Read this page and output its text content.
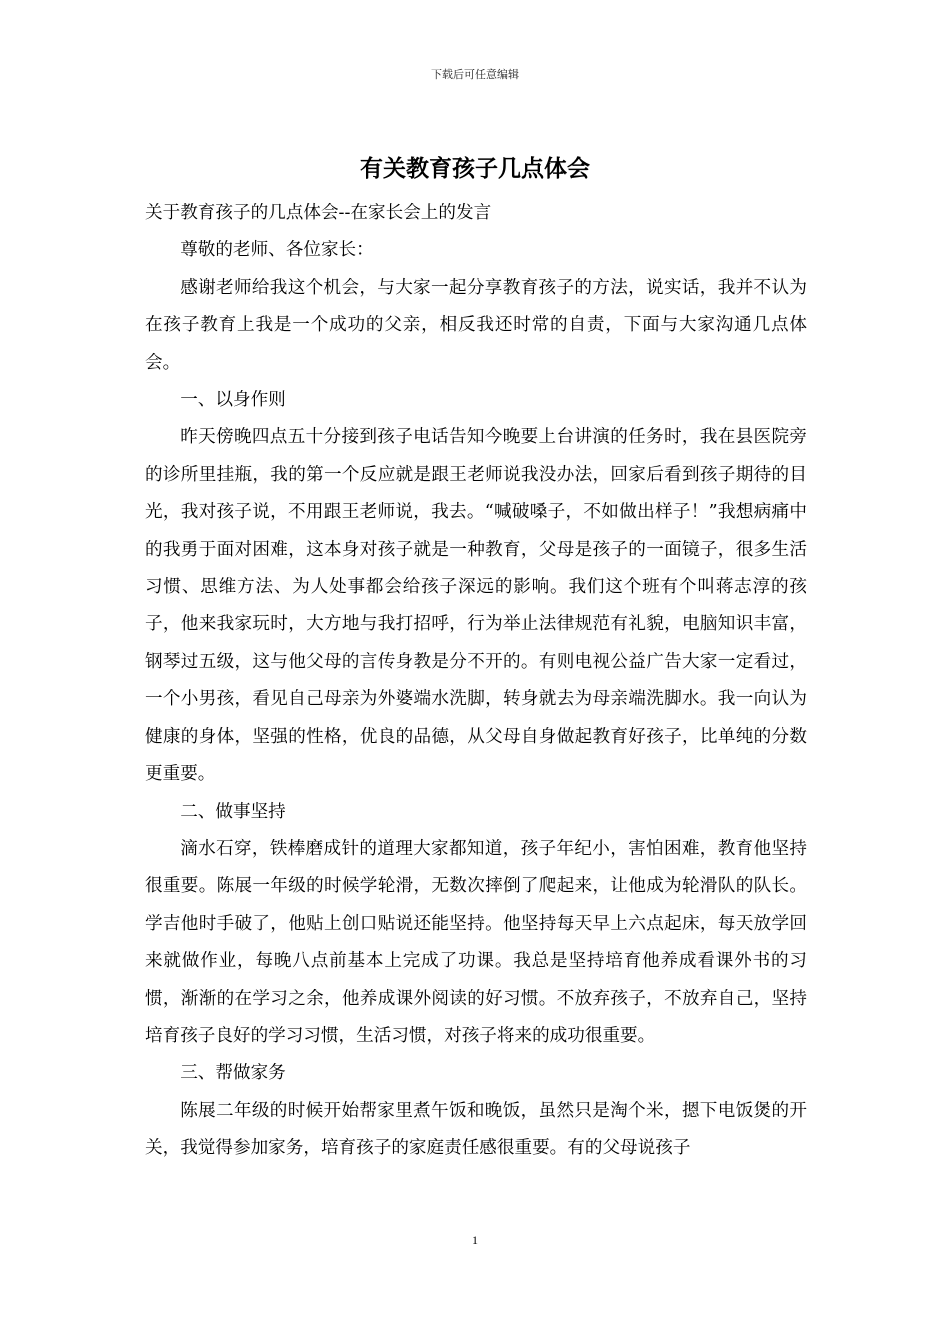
下载后可任意编辑
有关教育孩子几点体会

关于教育孩子的几点体会--在家长会上的发言

尊敬的老师、各位家长：

感谢老师给我这个机会，与大家一起分享教育孩子的方法，说实话，我并不认为在孩子教育上我是一个成功的父亲，相反我还时常的自责，下面与大家沟通几点体会。

一、以身作则

昨天傍晚四点五十分接到孩子电话告知今晚要上台讲演的任务时，我在县医院旁的诊所里挂瓶，我的第一个反应就是跟王老师说我没办法，回家后看到孩子期待的目光，我对孩子说，不用跟王老师说，我去。“喊破嗓子，不如做出样子！”我想病痛中的我勇于面对困难，这本身对孩子就是一种教育，父母是孩子的一面镜子，很多生活习惯、思维方法、为人处事都会给孩子深远的影响。我们这个班有个叫蒋志淳的孩子，他来我家玩时，大方地与我打招呼，行为举止法律规范有礼貌，电脑知识丰富，钢琴过五级，这与他父母的言传身教是分不开的。有则电视公益广告大家一定看过，一个小男孩，看见自己母亲为外婆端水洗脚，转身就去为母亲端洗脚水。我一向认为健康的身体，坚强的性格，优良的品德，从父母自身做起教育好孩子，比单纯的分数更重要。

二、做事坚持

滴水石穿，铁棒磨成针的道理大家都知道，孩子年纪小，害怕困难，教育他坚持很重要。陈展一年级的时候学轮滑，无数次摔倒了爬起来，让他成为轮滑队的队长。学吉他时手破了，他贴上创口贴说还能坚持。他坚持每天早上六点起床，每天放学回来就做作业，每晚八点前基本上完成了功课。我总是坚持培育他养成看课外书的习惯，渐渐的在学习之余，他养成课外阅读的好习惯。不放弃孩子，不放弃自己，坚持培育孩子良好的学习习惯，生活习惯，对孩子将来的成功很重要。

三、帮做家务

陈展二年级的时候开始帮家里煮午饭和晚饭，虽然只是淘个米，摁下电饭煲的开关，我觉得参加家务，培育孩子的家庭责任感很重要。有的父母说孩子

1
